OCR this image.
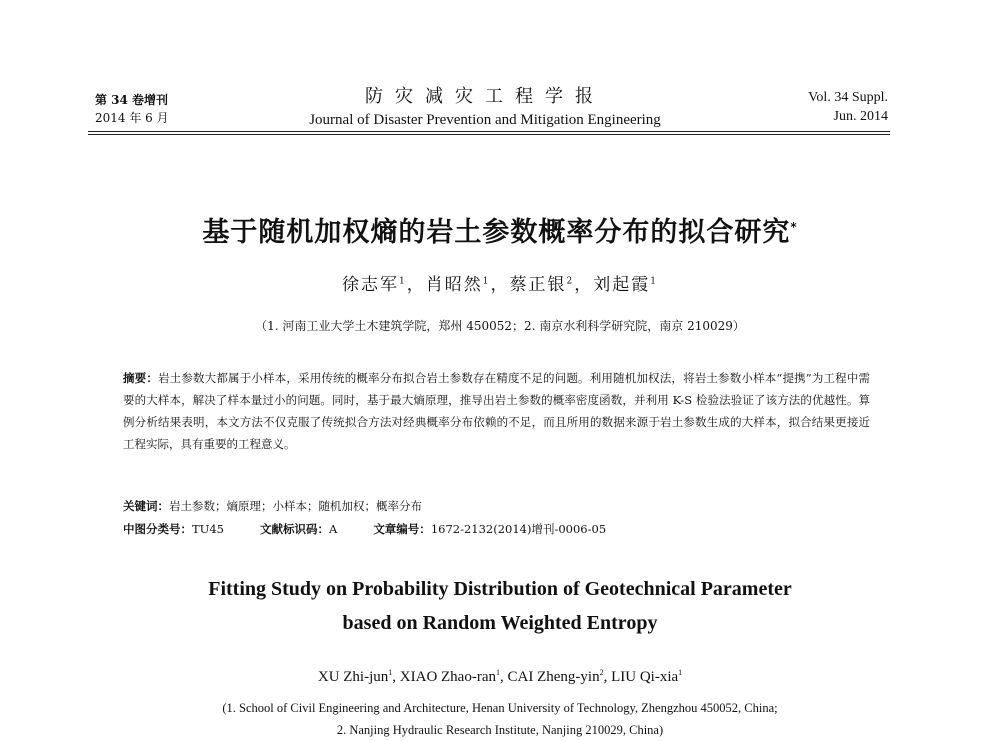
第 34 卷增刊
2014 年 6 月
防灾减灾工程学报
Journal of Disaster Prevention and Mitigation Engineering
Vol. 34 Suppl.
Jun. 2014
基于随机加权熵的岩土参数概率分布的拟合研究*
徐志军$^1$，肖昭然$^1$，蔡正银$^2$，刘起霞$^1$
（1. 河南工业大学土木建筑学院，郑州 450052；2. 南京水利科学研究院，南京 210029）
摘要：岩土参数大都属于小样本，采用传统的概率分布拟合岩土参数存在精度不足的问题。利用随机加权法，将岩土参数小样本“提携”为工程中需要的大样本，解决了样本量过小的问题。同时，基于最大熵原理，推导出岩土参数的概率密度函数，并利用 K-S 检验法验证了该方法的优越性。算例分析结果表明，本文方法不仅克服了传统拟合方法对经典概率分布依赖的不足，而且所用的数据来源于岩土参数生成的大样本，拟合结果更接近工程实际，具有重要的工程意义。
关键词：岩土参数；熵原理；小样本；随机加权；概率分布
中图分类号：TU45	文献标识码：A	文章编号：1672-2132(2014)增刊-0006-05
Fitting Study on Probability Distribution of Geotechnical Parameter
based on Random Weighted Entropy
XU Zhi-jun$^1$, XIAO Zhao-ran$^1$, CAI Zheng-yin$^2$, LIU Qi-xia$^1$
(1. School of Civil Engineering and Architecture, Henan University of Technology, Zhengzhou 450052, China;
2. Nanjing Hydraulic Research Institute, Nanjing 210029, China)
